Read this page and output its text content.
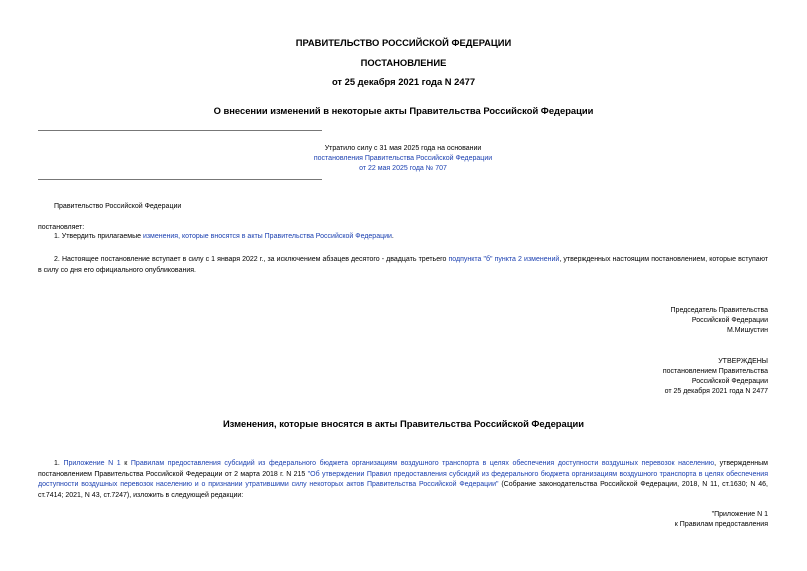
ПРАВИТЕЛЬСТВО РОССИЙСКОЙ ФЕДЕРАЦИИ
ПОСТАНОВЛЕНИЕ
от 25 декабря 2021 года N 2477
О внесении изменений в некоторые акты Правительства Российской Федерации
Утратило силу с 31 мая 2025 года на основании
постановления Правительства Российской Федерации
от 22 мая 2025 года № 707
Правительство Российской Федерации
постановляет:
1. Утвердить прилагаемые изменения, которые вносятся в акты Правительства Российской Федерации.
2. Настоящее постановление вступает в силу с 1 января 2022 г., за исключением абзацев десятого - двадцать третьего подпункта "б" пункта 2 изменений, утвержденных настоящим постановлением, которые вступают в силу со дня его официального опубликования.
Председатель Правительства
Российской Федерации
М.Мишустин
УТВЕРЖДЕНЫ
постановлением Правительства
Российской Федерации
от 25 декабря 2021 года N 2477
Изменения, которые вносятся в акты Правительства Российской Федерации
1. Приложение N 1 к Правилам предоставления субсидий из федерального бюджета организациям воздушного транспорта в целях обеспечения доступности воздушных перевозок населению, утвержденным постановлением Правительства Российской Федерации от 2 марта 2018 г. N 215 "Об утверждении Правил предоставления субсидий из федерального бюджета организациям воздушного транспорта в целях обеспечения доступности воздушных перевозок населению и о признании утратившими силу некоторых актов Правительства Российской Федерации" (Собрание законодательства Российской Федерации, 2018, N 11, ст.1630; N 46, ст.7414; 2021, N 43, ст.7247), изложить в следующей редакции:
"Приложение N 1
к Правилам предоставления
